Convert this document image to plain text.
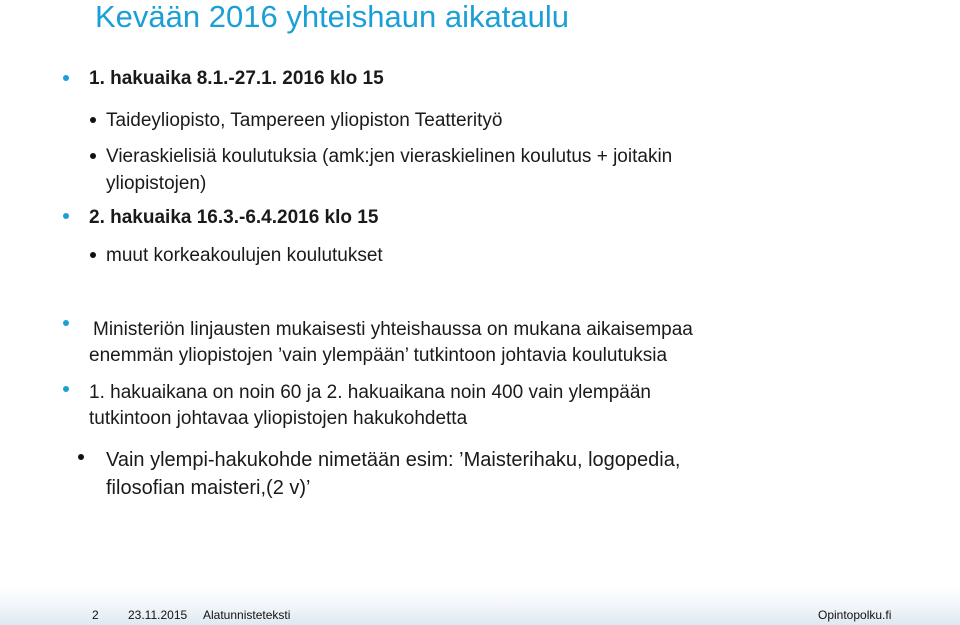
Kevään 2016 yhteishaun aikataulu
1. hakuaika 8.1.-27.1. 2016 klo 15
Taideyliopisto, Tampereen yliopiston Teatterityö
Vieraskielisiä koulutuksia (amk:jen vieraskielinen koulutus + joitakin
yliopistojen)
2. hakuaika 16.3.-6.4.2016 klo 15
muut korkeakoulujen koulutukset
Ministeriön linjausten mukaisesti yhteishaussa on mukana aikaisempaa
enemmän yliopistojen ’vain ylempään’ tutkintoon johtavia koulutuksia
1. hakuaikana on noin 60 ja 2. hakuaikana noin 400 vain ylempään
tutkintoon johtavaa yliopistojen hakukohdetta
Vain ylempi-hakukohde nimetään esim: ’Maisterihaku, logopedia,
filosofian maisteri,(2 v)’
2 23.11.2015 Alatunnisteteksti	Opintopolku.fi
